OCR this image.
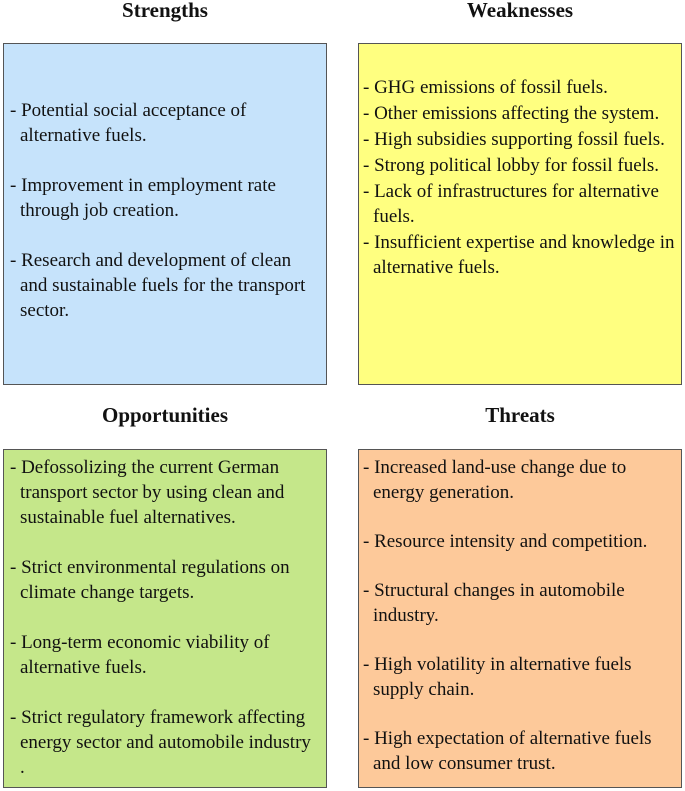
Strengths	Weaknesses
- Potential social acceptance of alternative fuels.
- Improvement in employment rate through job creation.
- Research and development of clean and sustainable fuels for the transport sector.
- GHG emissions of fossil fuels.
- Other emissions affecting the system.
- High subsidies supporting fossil fuels.
- Strong political lobby for fossil fuels.
- Lack of infrastructures for alternative fuels.
- Insufficient expertise and knowledge in alternative fuels.
Opportunities	Threats
- Defossolizing the current German transport sector by using clean and sustainable fuel alternatives.
- Strict environmental regulations on climate change targets.
- Long-term economic viability of alternative fuels.
- Strict regulatory framework affecting energy sector and automobile industry .
- Increased land-use change due to energy generation.
- Resource intensity and competition.
- Structural changes in automobile industry.
- High volatility in alternative fuels supply chain.
- High expectation of alternative fuels and low consumer trust.
